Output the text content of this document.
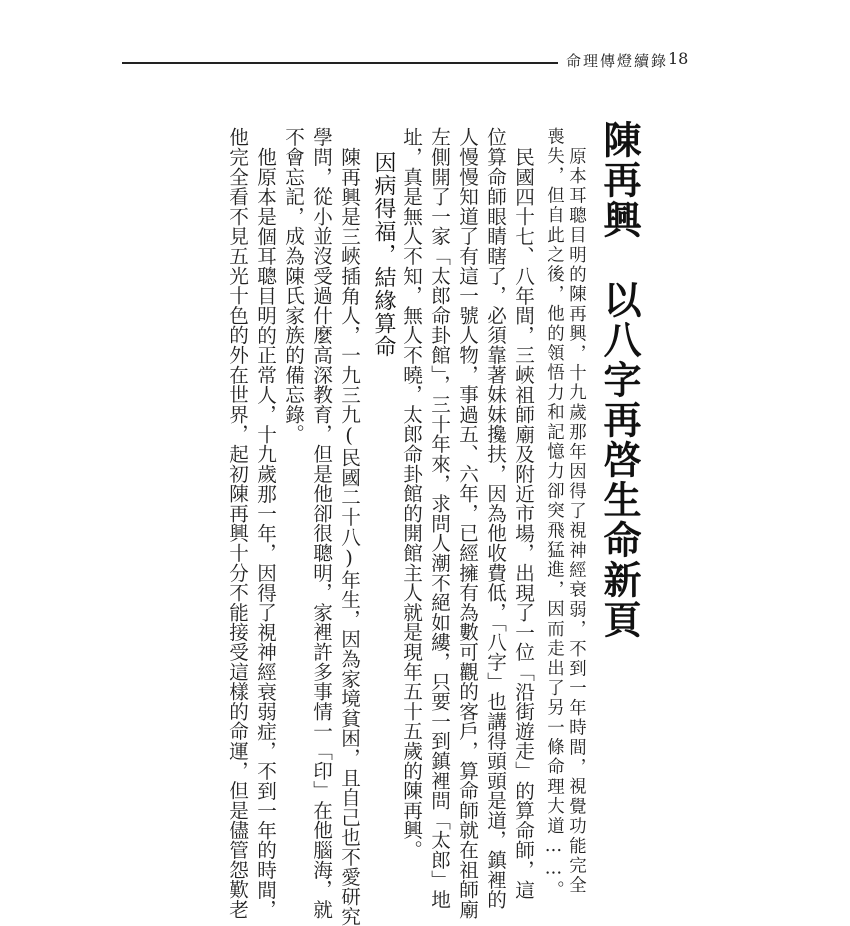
命理傳燈續錄 18
陳再興　以八字再啓生命新頁
原本耳聰目明的陳再興，十九歲那年因得了視神經衰弱，不到一年時間，視覺功能完全
喪失，但自此之後，他的領悟力和記憶力卻突飛猛進，因而走出了另一條命理大道……。
民國四十七、八年間，三峽祖師廟及附近市場，出現了一位「沿街遊走」的算命師，這
位算命師眼睛瞎了，必須靠著妹妹攙扶，因為他收費低，「八字」也講得頭頭是道，鎮裡的
人慢慢知道了有這一號人物，事過五、六年，已經擁有為數可觀的客戶，算命師就在祖師廟
左側開了一家「太郎命卦館」，三十年來，求問人潮不絕如縷，只要一到鎮裡問「太郎」地
址，真是無人不知，無人不曉，太郎命卦館的開館主人就是現年五十五歲的陳再興。
因病得福，結緣算命
陳再興是三峽插角人，一九三九(民國二十八)年生，因為家境貧困，且自己也不愛研究
學問，從小並沒受過什麼高深教育，但是他卻很聰明，家裡許多事情一「印」在他腦海，就
不會忘記，成為陳氏家族的備忘錄。
他原本是個耳聰目明的正常人，十九歲那一年，因得了視神經衰弱症，不到一年的時間，
他完全看不見五光十色的外在世界，起初陳再興十分不能接受這樣的命運，但是儘管怨歎老
